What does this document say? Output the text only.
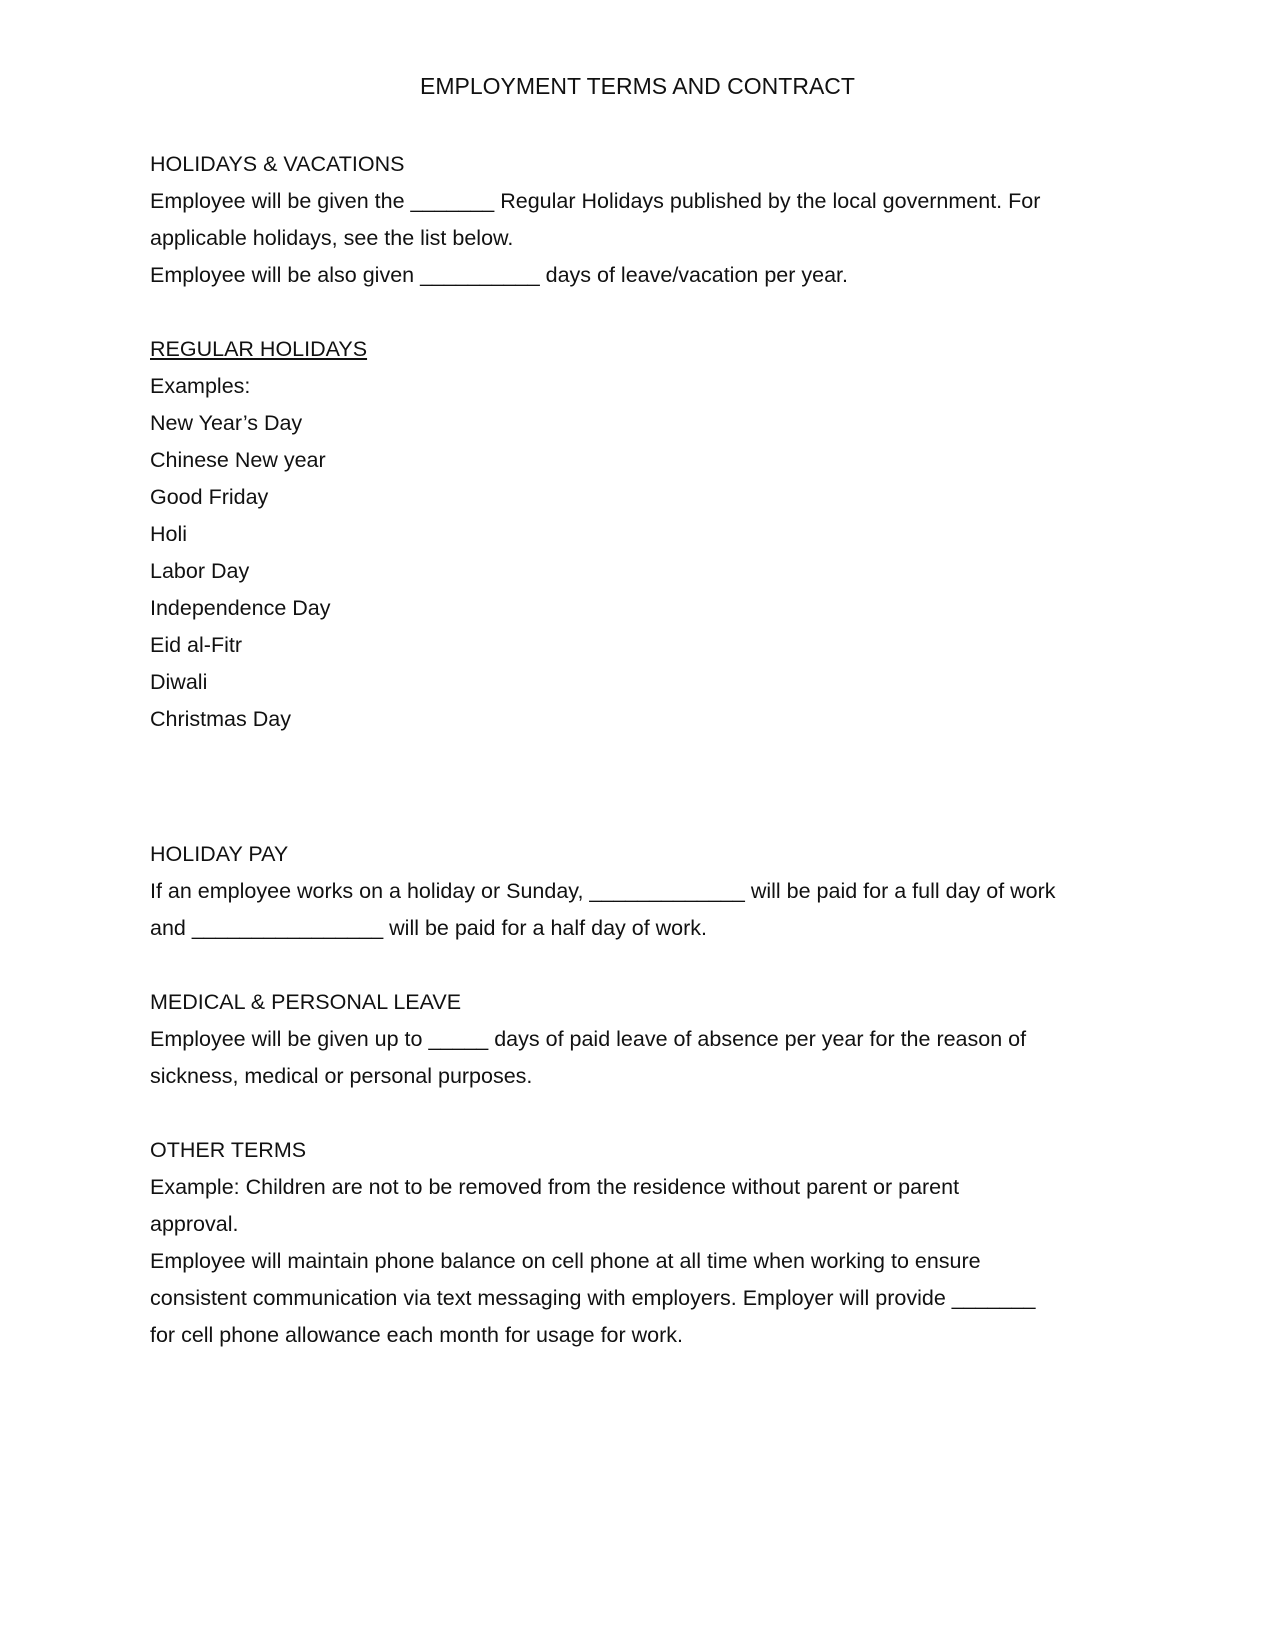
EMPLOYMENT TERMS AND CONTRACT
HOLIDAYS & VACATIONS
Employee will be given the _______ Regular Holidays published by the local government. For
applicable holidays, see the list below.
Employee will be also given __________ days of leave/vacation per year.
REGULAR HOLIDAYS
Examples:
New Year’s Day
Chinese New year
Good Friday
Holi
Labor Day
Independence Day
Eid al-Fitr
Diwali
Christmas Day
HOLIDAY PAY
If an employee works on a holiday or Sunday, _____________ will be paid for a full day of work
and ________________ will be paid for a half day of work.
MEDICAL & PERSONAL LEAVE
Employee will be given up to _____ days of paid leave of absence per year for the reason of
sickness, medical or personal purposes.
OTHER TERMS
Example: Children are not to be removed from the residence without parent or parent
approval.
Employee will maintain phone balance on cell phone at all time when working to ensure
consistent communication via text messaging with employers. Employer will provide _______
for cell phone allowance each month for usage for work.
